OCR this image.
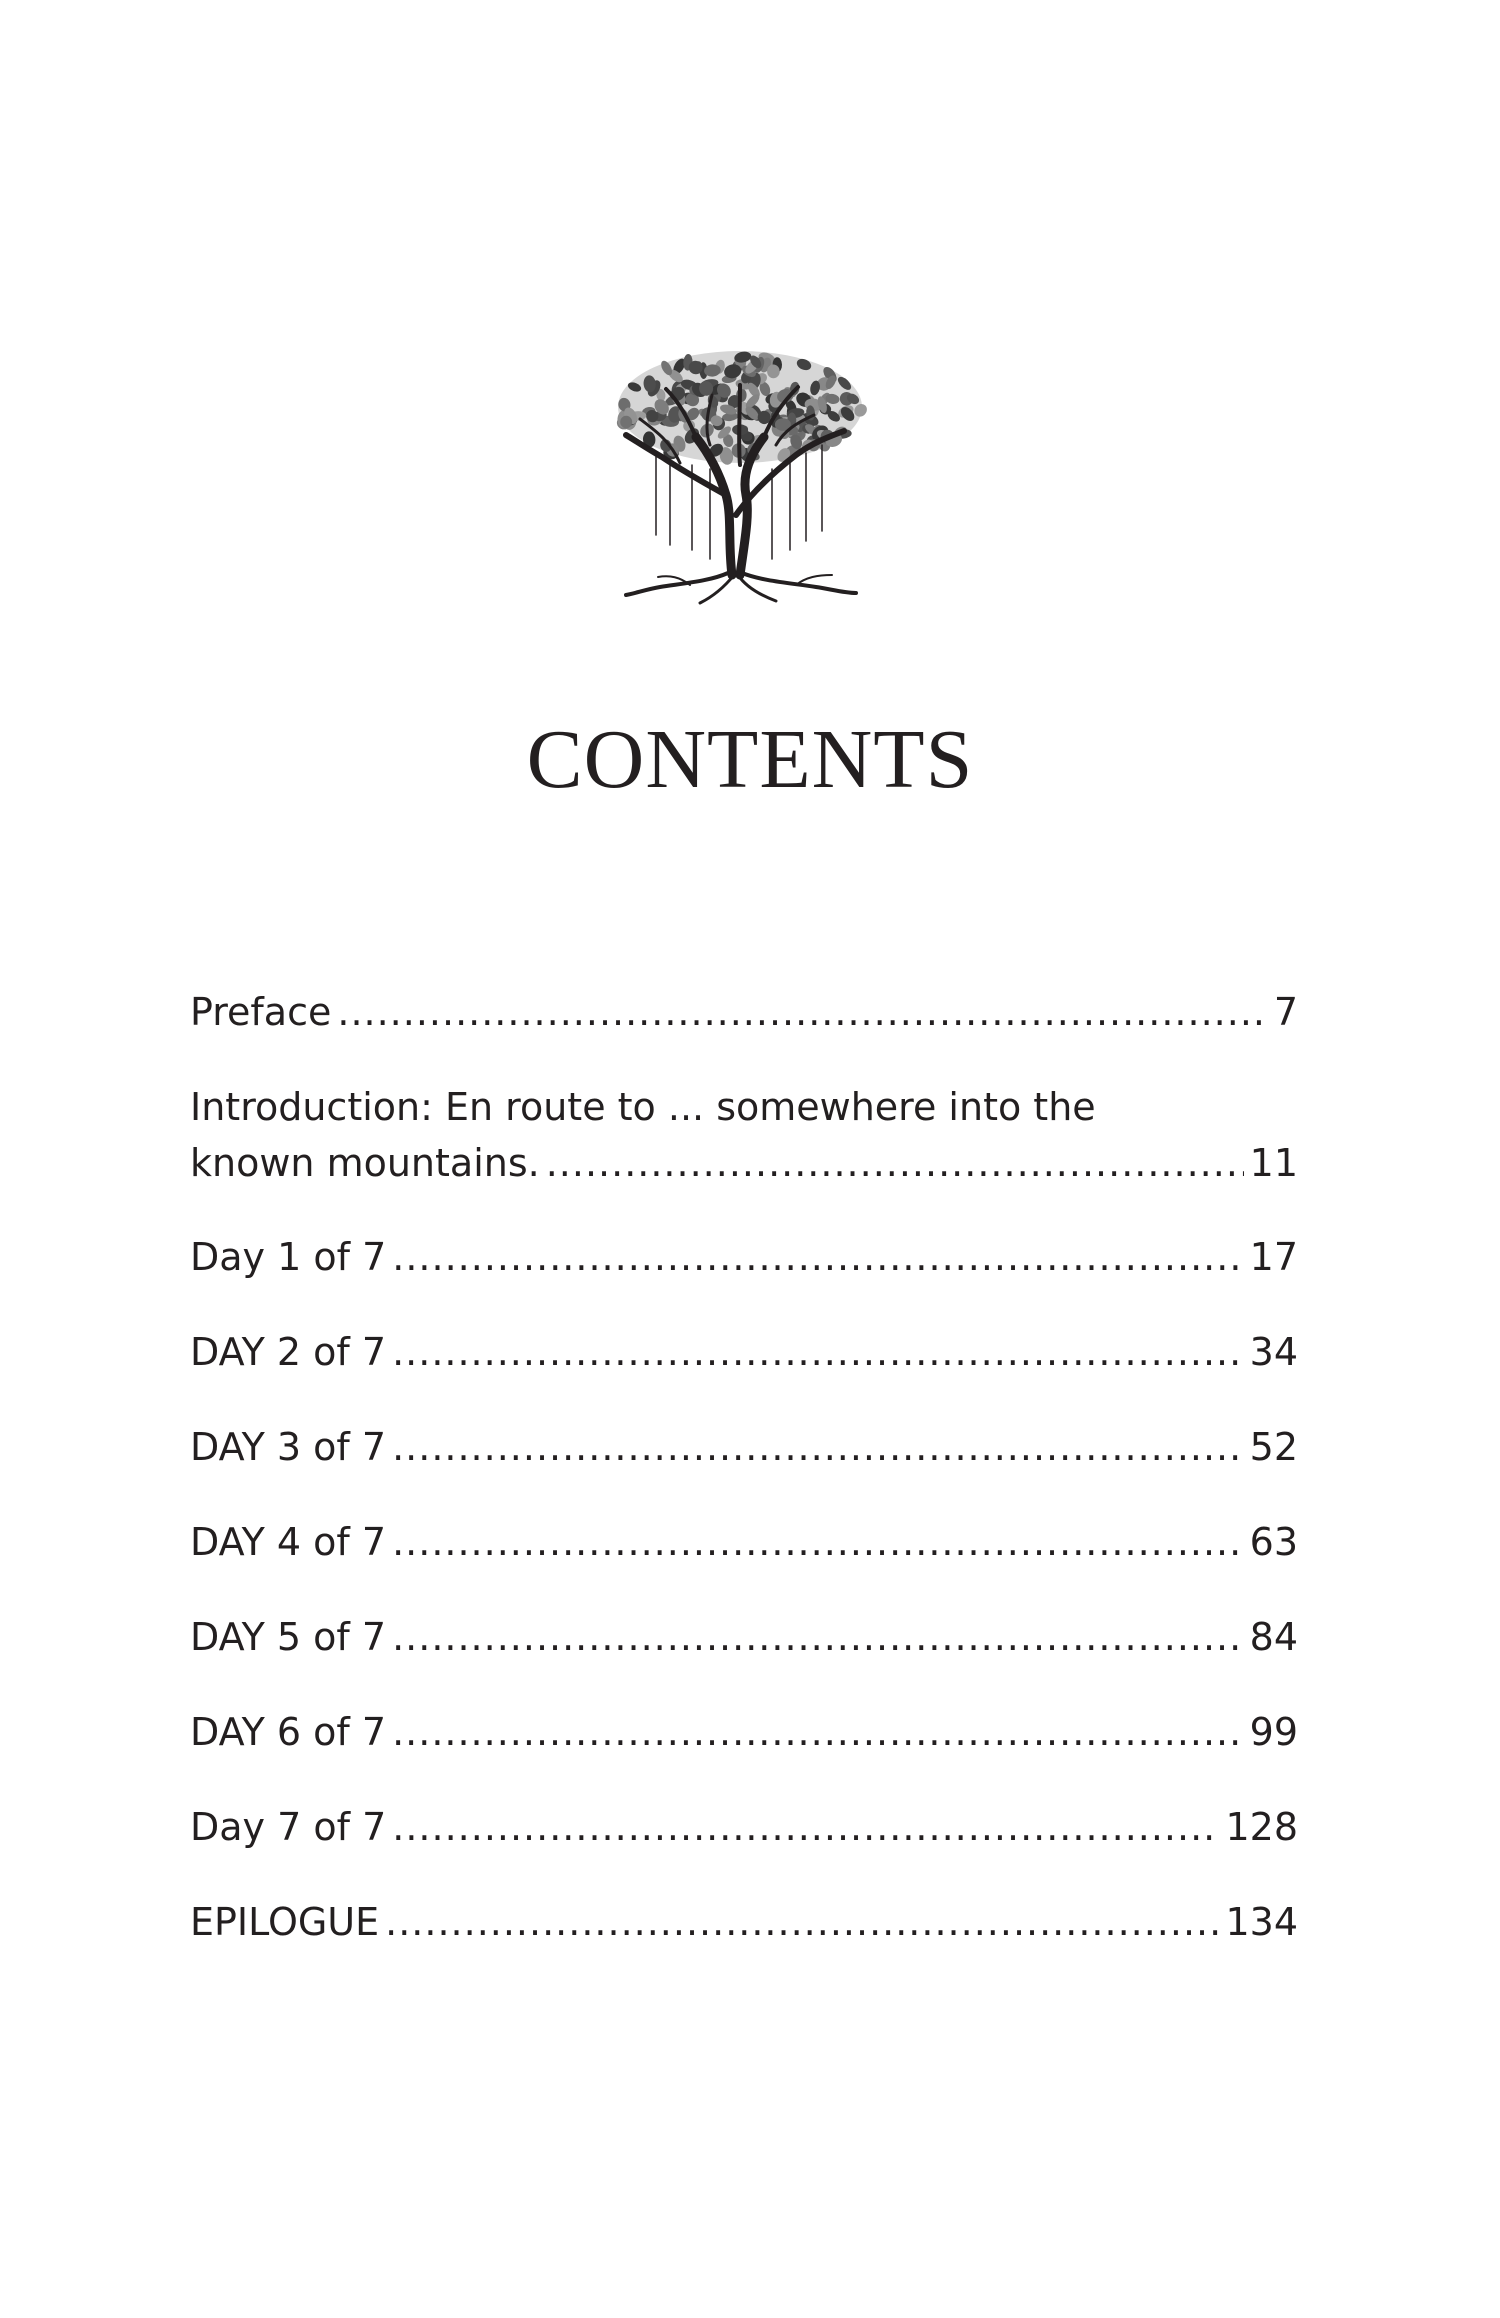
CONTENTS
Preface .....	7
Introduction: En route to ... somewhere into the
known mountains. .....	11
Day 1 of 7 .....	17
DAY 2 of 7 .....	34
DAY 3 of 7 .....	52
DAY 4 of 7 .....	63
DAY 5 of 7 .....	84
DAY 6 of 7 .....	99
Day 7 of 7 .....	128
EPILOGUE .....	134
